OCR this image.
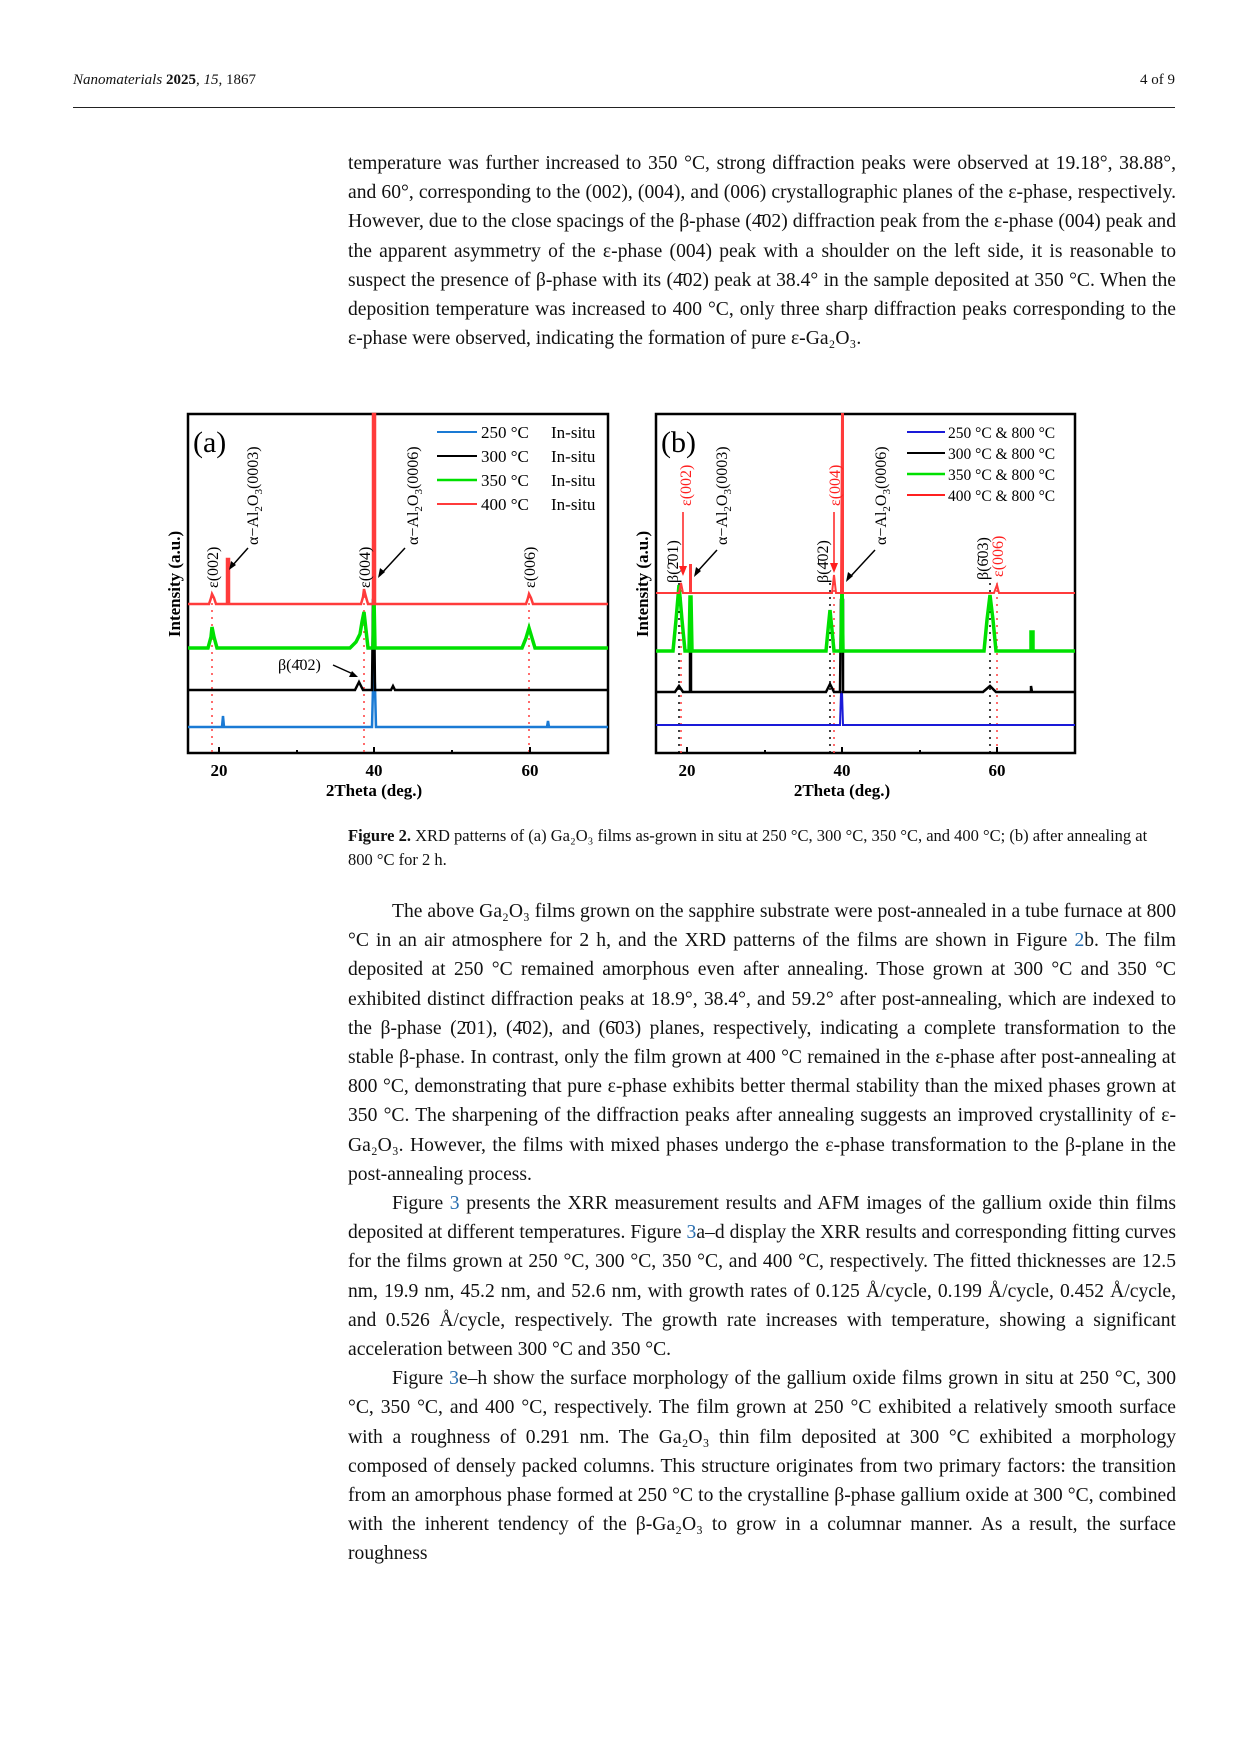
Nanomaterials 2025, 15, 1867	4 of 9

temperature was further increased to 350 °C, strong diffraction peaks were observed at 19.18°, 38.88°, and 60°, corresponding to the (002), (004), and (006) crystallographic planes of the ε-phase, respectively. However, due to the close spacings of the β-phase (4̄02) diffraction peak from the ε-phase (004) peak and the apparent asymmetry of the ε-phase (004) peak with a shoulder on the left side, it is reasonable to suspect the presence of β-phase with its (4̄02) peak at 38.4° in the sample deposited at 350 °C. When the deposition temperature was increased to 400 °C, only three sharp diffraction peaks corresponding to the ε-phase were observed, indicating the formation of pure ε-Ga₂O₃.

20	40	60
2Theta (deg.)
Intensity (a.u.)
(a)
ε(002)
$\alpha-Al_2O_3(0003)$
ε(004)
$\alpha-Al_2O_3(0006)$
ε(006)
β(4̄02)
250 °C In-situ
300 °C In-situ
350 °C In-situ
400 °C In-situ
20	40	60
2Theta (deg.)
Intensity (a.u.)
(b)
β(2̄01)
ε(002)
$\alpha-Al_2O_3(0003)$
β(4̄02)
ε(004)
$\alpha-Al_2O_3(0006)$
β(6̄03)
ε(006)
250 °C & 800 °C
300 °C & 800 °C
350 °C & 800 °C
400 °C & 800 °C
Figure 2. XRD patterns of (a) Ga₂O₃ films as-grown in situ at 250 °C, 300 °C, 350 °C, and 400 °C; (b) after annealing at 800 °C for 2 h.

The above Ga₂O₃ films grown on the sapphire substrate were post-annealed in a tube furnace at 800 °C in an air atmosphere for 2 h, and the XRD patterns of the films are shown in Figure 2b. The film deposited at 250 °C remained amorphous even after annealing. Those grown at 300 °C and 350 °C exhibited distinct diffraction peaks at 18.9°, 38.4°, and 59.2° after post-annealing, which are indexed to the β-phase (2̄01), (4̄02), and (6̄03) planes, respectively, indicating a complete transformation to the stable β-phase. In contrast, only the film grown at 400 °C remained in the ε-phase after post-annealing at 800 °C, demonstrating that pure ε-phase exhibits better thermal stability than the mixed phases grown at 350 °C. The sharpening of the diffraction peaks after annealing suggests an improved crystallinity of ε-Ga₂O₃. However, the films with mixed phases undergo the ε-phase transformation to the β-plane in the post-annealing process.

Figure 3 presents the XRR measurement results and AFM images of the gallium oxide thin films deposited at different temperatures. Figure 3a–d display the XRR results and corresponding fitting curves for the films grown at 250 °C, 300 °C, 350 °C, and 400 °C, respectively. The fitted thicknesses are 12.5 nm, 19.9 nm, 45.2 nm, and 52.6 nm, with growth rates of 0.125 Å/cycle, 0.199 Å/cycle, 0.452 Å/cycle, and 0.526 Å/cycle, respectively. The growth rate increases with temperature, showing a significant acceleration between 300 °C and 350 °C.

Figure 3e–h show the surface morphology of the gallium oxide films grown in situ at 250 °C, 300 °C, 350 °C, and 400 °C, respectively. The film grown at 250 °C exhibited a relatively smooth surface with a roughness of 0.291 nm. The Ga₂O₃ thin film deposited at 300 °C exhibited a morphology composed of densely packed columns. This structure originates from two primary factors: the transition from an amorphous phase formed at 250 °C to the crystalline β-phase gallium oxide at 300 °C, combined with the inherent tendency of the β-Ga₂O₃ to grow in a columnar manner. As a result, the surface roughness
